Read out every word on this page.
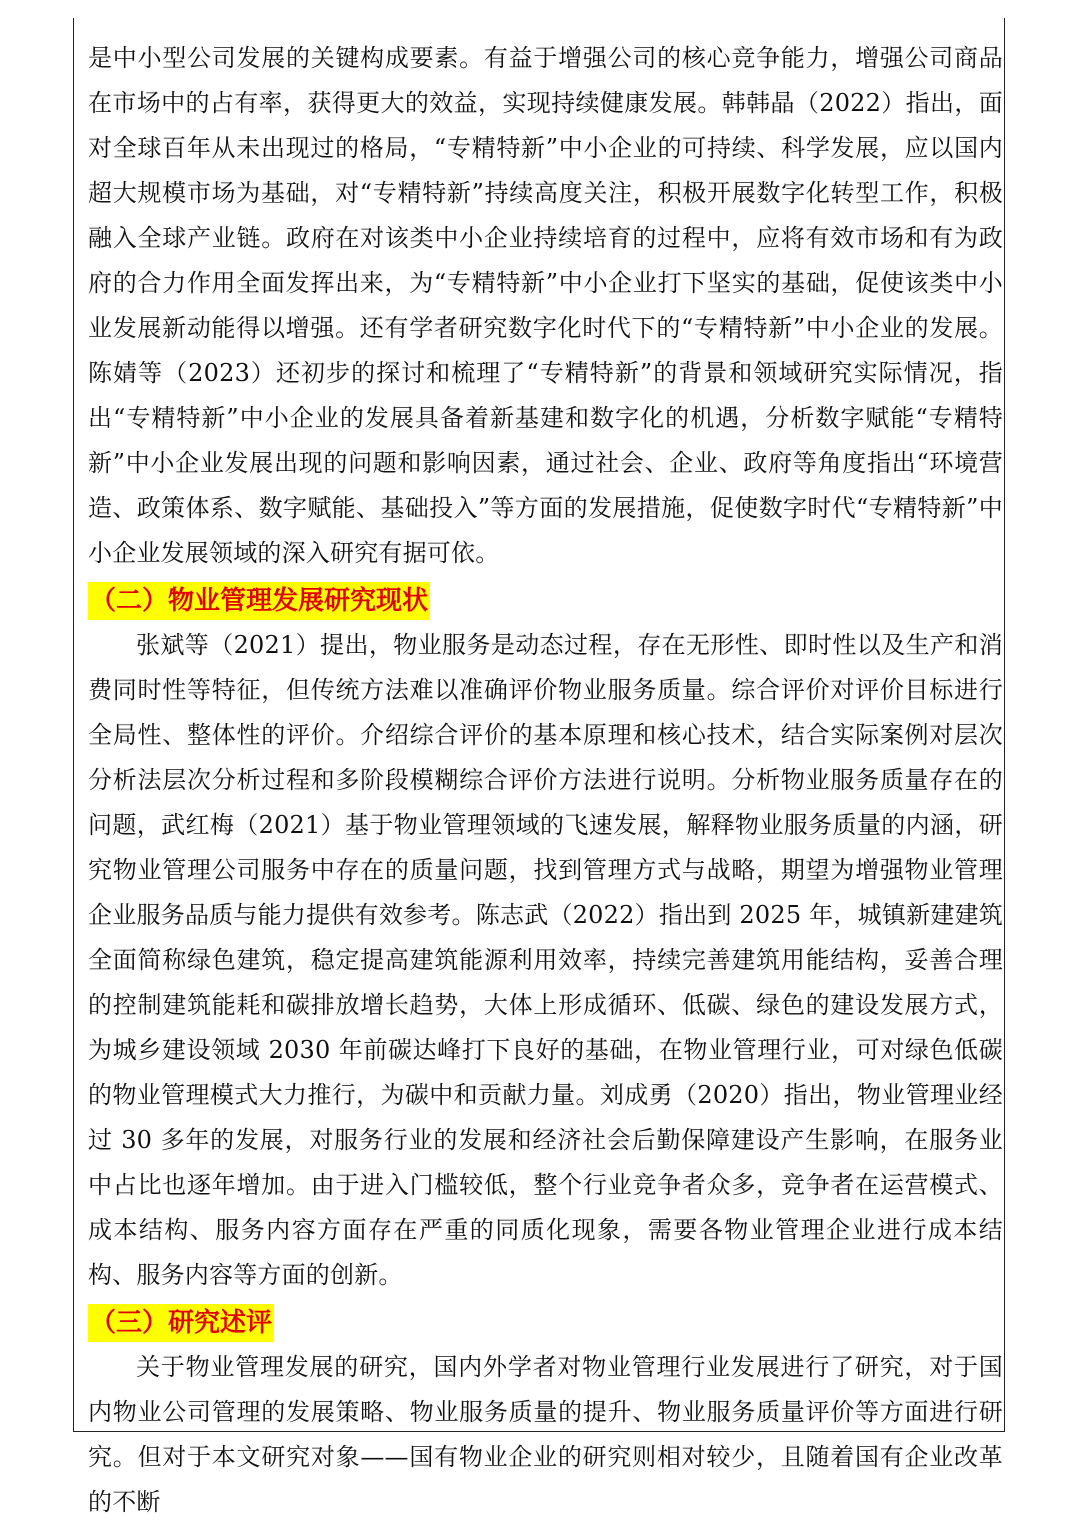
是中小型公司发展的关键构成要素。有益于增强公司的核心竞争能力，增强公司商品在市场中的占有率，获得更大的效益，实现持续健康发展。韩韩晶（2022）指出，面对全球百年从未出现过的格局，“专精特新”中小企业的可持续、科学发展，应以国内超大规模市场为基础，对“专精特新”持续高度关注，积极开展数字化转型工作，积极融入全球产业链。政府在对该类中小企业持续培育的过程中，应将有效市场和有为政府的合力作用全面发挥出来，为“专精特新”中小企业打下坚实的基础，促使该类中小业发展新动能得以增强。还有学者研究数字化时代下的“专精特新”中小企业的发展。陈婧等（2023）还初步的探讨和梳理了“专精特新”的背景和领域研究实际情况，指出“专精特新”中小企业的发展具备着新基建和数字化的机遇，分析数字赋能“专精特新”中小企业发展出现的问题和影响因素，通过社会、企业、政府等角度指出“环境营造、政策体系、数字赋能、基础投入”等方面的发展措施，促使数字时代“专精特新”中小企业发展领域的深入研究有据可依。

（二）物业管理发展研究现状

张斌等（2021）提出，物业服务是动态过程，存在无形性、即时性以及生产和消费同时性等特征，但传统方法难以准确评价物业服务质量。综合评价对评价目标进行全局性、整体性的评价。介绍综合评价的基本原理和核心技术，结合实际案例对层次分析法层次分析过程和多阶段模糊综合评价方法进行说明。分析物业服务质量存在的问题，武红梅（2021）基于物业管理领域的飞速发展，解释物业服务质量的内涵，研究物业管理公司服务中存在的质量问题，找到管理方式与战略，期望为增强物业管理企业服务品质与能力提供有效参考。陈志武（2022）指出到 2025 年，城镇新建建筑全面简称绿色建筑，稳定提高建筑能源利用效率，持续完善建筑用能结构，妥善合理的控制建筑能耗和碳排放增长趋势，大体上形成循环、低碳、绿色的建设发展方式，为城乡建设领域 2030 年前碳达峰打下良好的基础，在物业管理行业，可对绿色低碳的物业管理模式大力推行，为碳中和贡献力量。刘成勇（2020）指出，物业管理业经过 30 多年的发展，对服务行业的发展和经济社会后勤保障建设产生影响，在服务业中占比也逐年增加。由于进入门槛较低，整个行业竞争者众多，竞争者在运营模式、成本结构、服务内容方面存在严重的同质化现象，需要各物业管理企业进行成本结构、服务内容等方面的创新。

（三）研究述评

关于物业管理发展的研究，国内外学者对物业管理行业发展进行了研究，对于国内物业公司管理的发展策略、物业服务质量的提升、物业服务质量评价等方面进行研究。但对于本文研究对象——国有物业企业的研究则相对较少，且随着国有企业改革的不断
